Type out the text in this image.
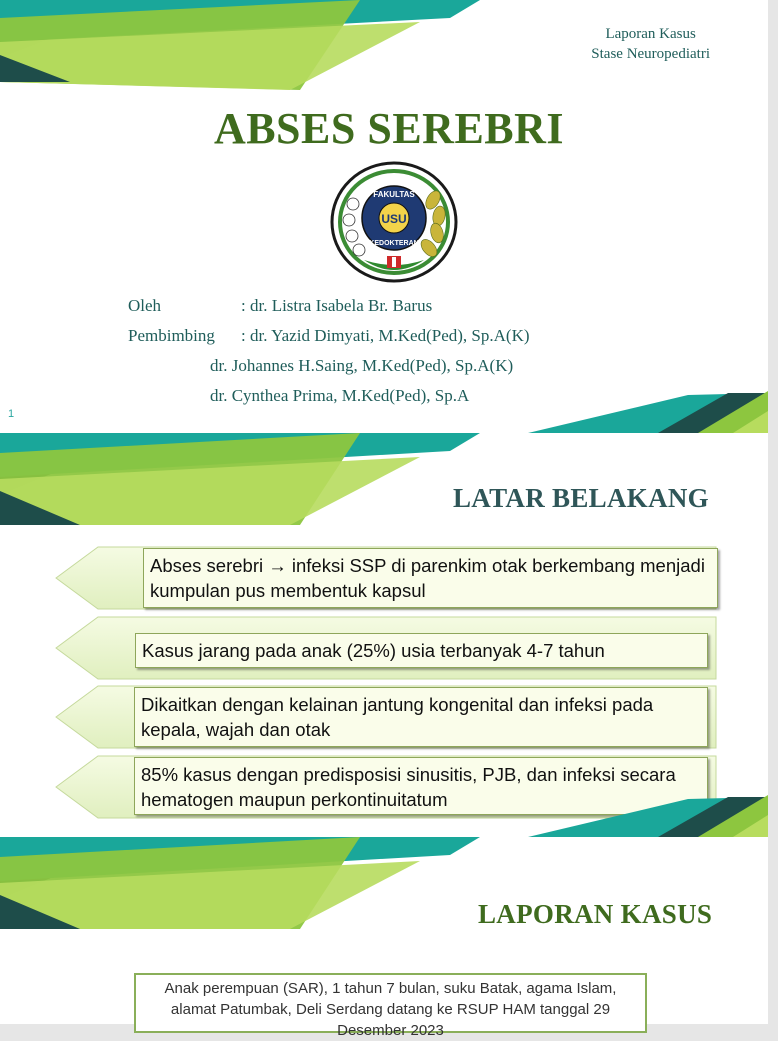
Laporan Kasus
Stase Neuropediatri
ABSES SEREBRI
USU
FAKULTAS
KEDOKTERAN
Oleh	: dr. Listra Isabela Br. Barus
Pembimbing : dr. Yazid Dimyati, M.Ked(Ped), Sp.A(K)
dr. Johannes H.Saing, M.Ked(Ped), Sp.A(K)
dr. Cynthea Prima, M.Ked(Ped), Sp.A
1
LATAR BELAKANG
Abses serebri → infeksi SSP di parenkim otak berkembang menjadi kumpulan pus membentuk kapsul
Kasus jarang pada anak (25%) usia terbanyak 4-7 tahun
Dikaitkan dengan kelainan jantung kongenital dan infeksi pada kepala, wajah dan otak
85% kasus dengan predisposisi sinusitis, PJB, dan infeksi secara hematogen maupun perkontinuitatum
LAPORAN KASUS
Anak perempuan (SAR), 1 tahun 7 bulan, suku Batak, agama Islam, alamat Patumbak, Deli Serdang datang ke RSUP HAM tanggal 29 Desember 2023
